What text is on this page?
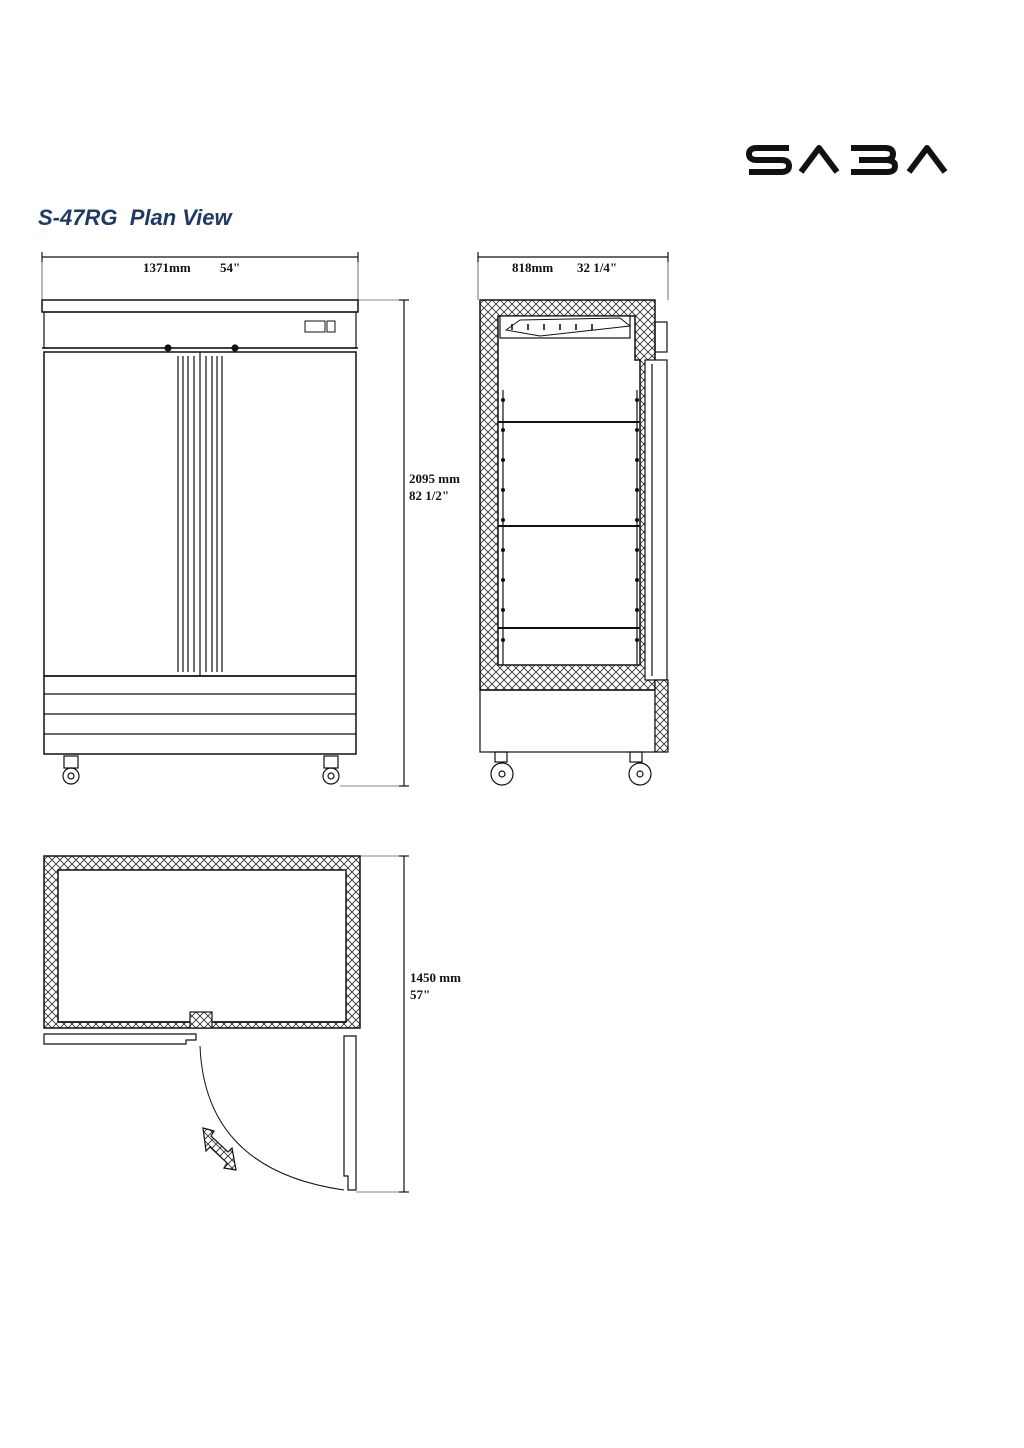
S-47RG  Plan View
1371mm 54"
2095 mm
82 1/2"
818mm 32 1/4"
1450 mm
57"
